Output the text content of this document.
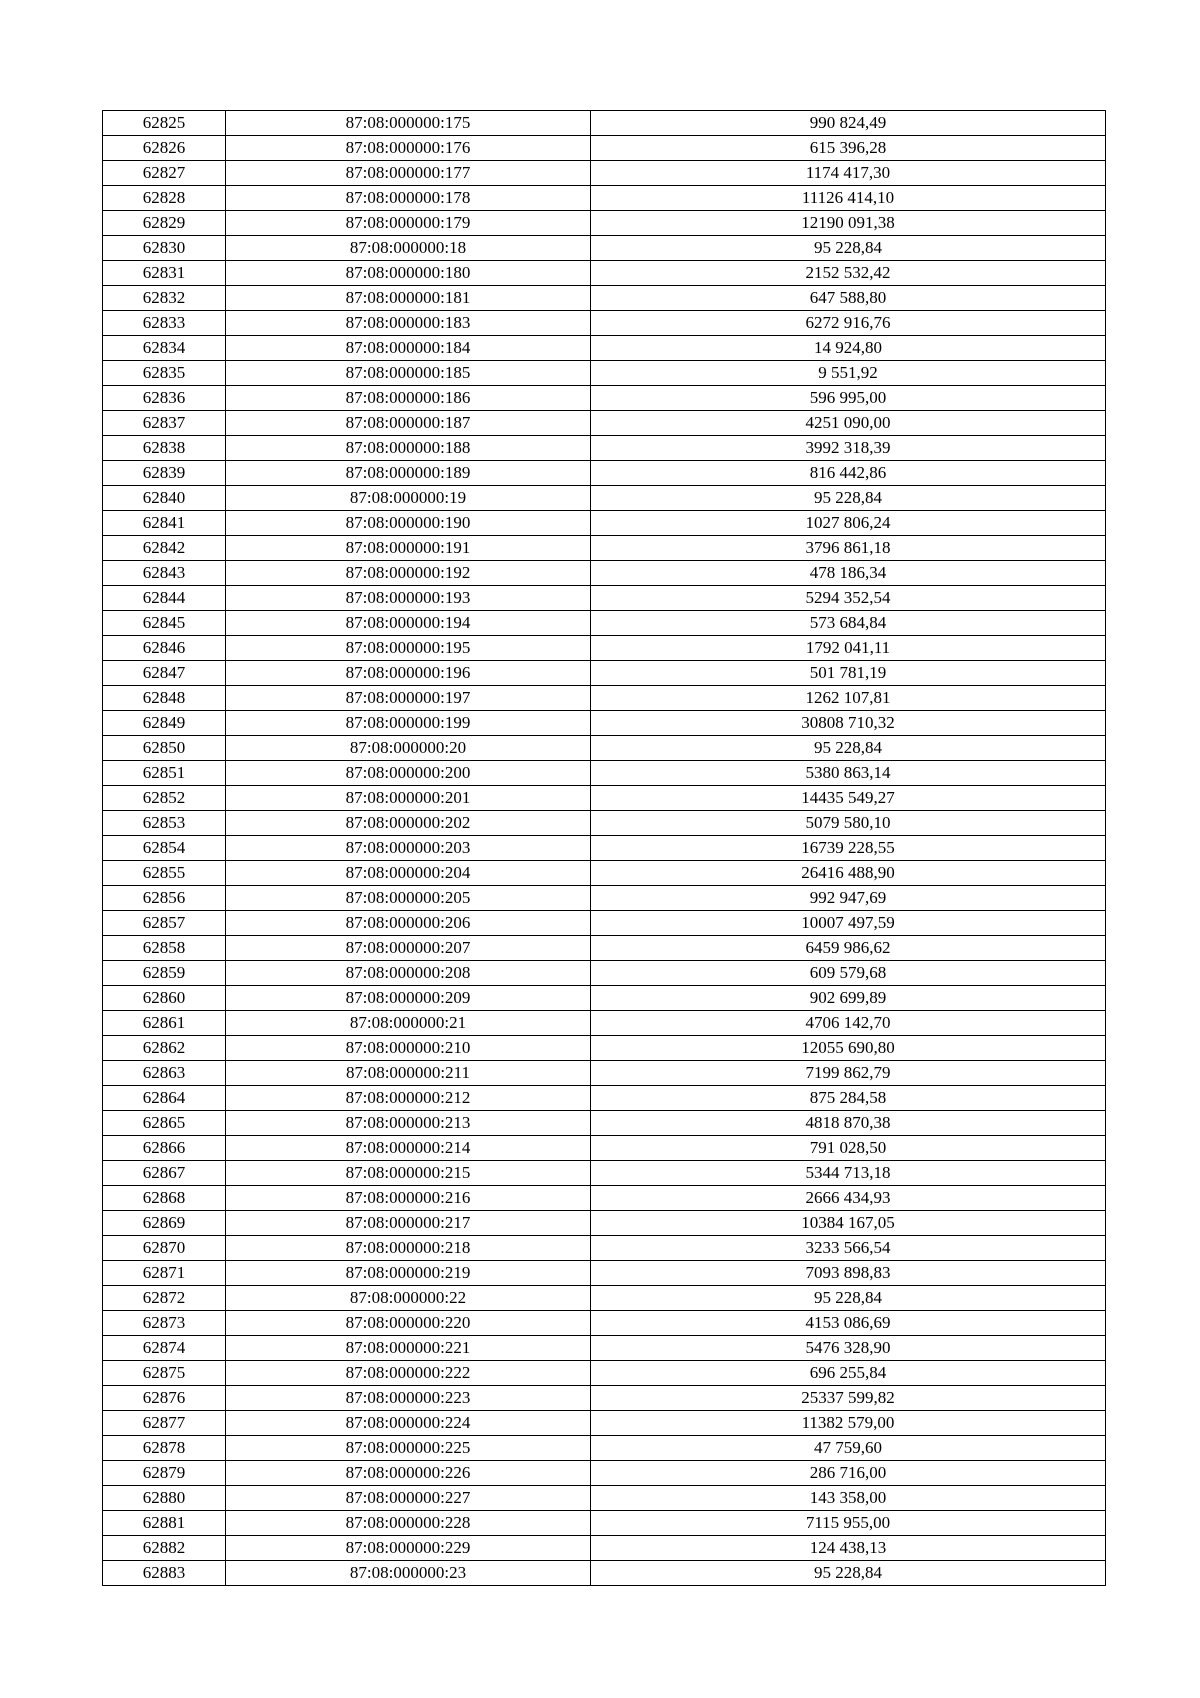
62825	87:08:000000:175	990 824,49
62826	87:08:000000:176	615 396,28
62827	87:08:000000:177	1174 417,30
62828	87:08:000000:178	11126 414,10
62829	87:08:000000:179	12190 091,38
62830	87:08:000000:18	95 228,84
62831	87:08:000000:180	2152 532,42
62832	87:08:000000:181	647 588,80
62833	87:08:000000:183	6272 916,76
62834	87:08:000000:184	14 924,80
62835	87:08:000000:185	9 551,92
62836	87:08:000000:186	596 995,00
62837	87:08:000000:187	4251 090,00
62838	87:08:000000:188	3992 318,39
62839	87:08:000000:189	816 442,86
62840	87:08:000000:19	95 228,84
62841	87:08:000000:190	1027 806,24
62842	87:08:000000:191	3796 861,18
62843	87:08:000000:192	478 186,34
62844	87:08:000000:193	5294 352,54
62845	87:08:000000:194	573 684,84
62846	87:08:000000:195	1792 041,11
62847	87:08:000000:196	501 781,19
62848	87:08:000000:197	1262 107,81
62849	87:08:000000:199	30808 710,32
62850	87:08:000000:20	95 228,84
62851	87:08:000000:200	5380 863,14
62852	87:08:000000:201	14435 549,27
62853	87:08:000000:202	5079 580,10
62854	87:08:000000:203	16739 228,55
62855	87:08:000000:204	26416 488,90
62856	87:08:000000:205	992 947,69
62857	87:08:000000:206	10007 497,59
62858	87:08:000000:207	6459 986,62
62859	87:08:000000:208	609 579,68
62860	87:08:000000:209	902 699,89
62861	87:08:000000:21	4706 142,70
62862	87:08:000000:210	12055 690,80
62863	87:08:000000:211	7199 862,79
62864	87:08:000000:212	875 284,58
62865	87:08:000000:213	4818 870,38
62866	87:08:000000:214	791 028,50
62867	87:08:000000:215	5344 713,18
62868	87:08:000000:216	2666 434,93
62869	87:08:000000:217	10384 167,05
62870	87:08:000000:218	3233 566,54
62871	87:08:000000:219	7093 898,83
62872	87:08:000000:22	95 228,84
62873	87:08:000000:220	4153 086,69
62874	87:08:000000:221	5476 328,90
62875	87:08:000000:222	696 255,84
62876	87:08:000000:223	25337 599,82
62877	87:08:000000:224	11382 579,00
62878	87:08:000000:225	47 759,60
62879	87:08:000000:226	286 716,00
62880	87:08:000000:227	143 358,00
62881	87:08:000000:228	7115 955,00
62882	87:08:000000:229	124 438,13
62883	87:08:000000:23	95 228,84
